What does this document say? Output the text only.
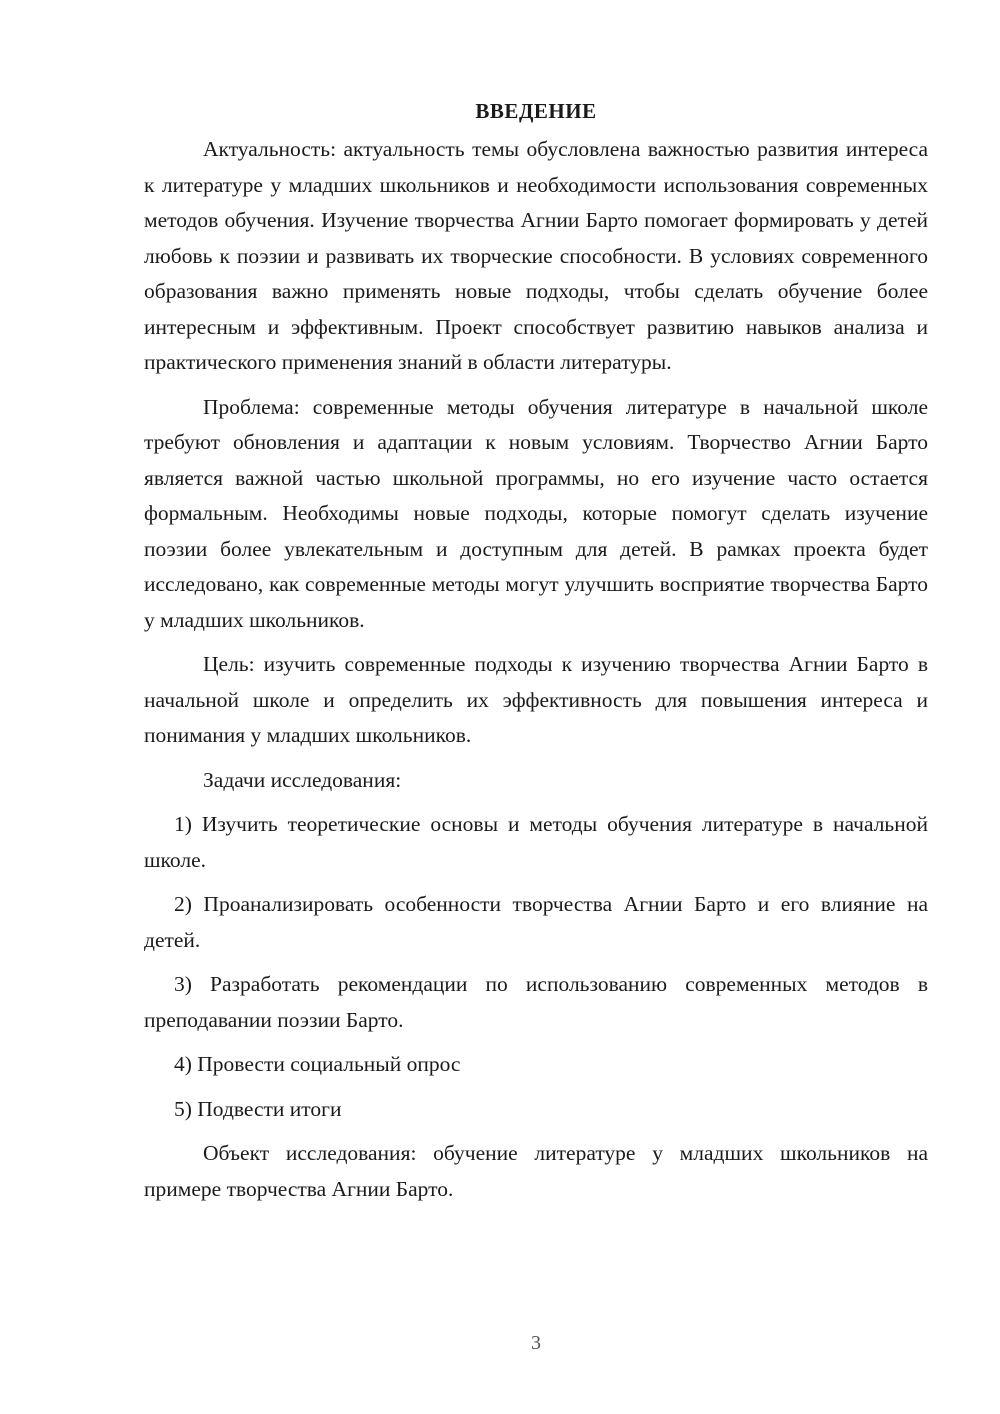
ВВЕДЕНИЕ

Актуальность: актуальность темы обусловлена важностью развития интереса к литературе у младших школьников и необходимости использования современных методов обучения. Изучение творчества Агнии Барто помогает формировать у детей любовь к поэзии и развивать их творческие способности. В условиях современного образования важно применять новые подходы, чтобы сделать обучение более интересным и эффективным. Проект способствует развитию навыков анализа и практического применения знаний в области литературы.

Проблема: современные методы обучения литературе в начальной школе требуют обновления и адаптации к новым условиям. Творчество Агнии Барто является важной частью школьной программы, но его изучение часто остается формальным. Необходимы новые подходы, которые помогут сделать изучение поэзии более увлекательным и доступным для детей. В рамках проекта будет исследовано, как современные методы могут улучшить восприятие творчества Барто у младших школьников.

Цель: изучить современные подходы к изучению творчества Агнии Барто в начальной школе и определить их эффективность для повышения интереса и понимания у младших школьников.

Задачи исследования:

1) Изучить теоретические основы и методы обучения литературе в начальной школе.

2) Проанализировать особенности творчества Агнии Барто и его влияние на детей.

3) Разработать рекомендации по использованию современных методов в преподавании поэзии Барто.

4) Провести социальный опрос

5) Подвести итоги

Объект исследования: обучение литературе у младших школьников на примере творчества Агнии Барто.

3
